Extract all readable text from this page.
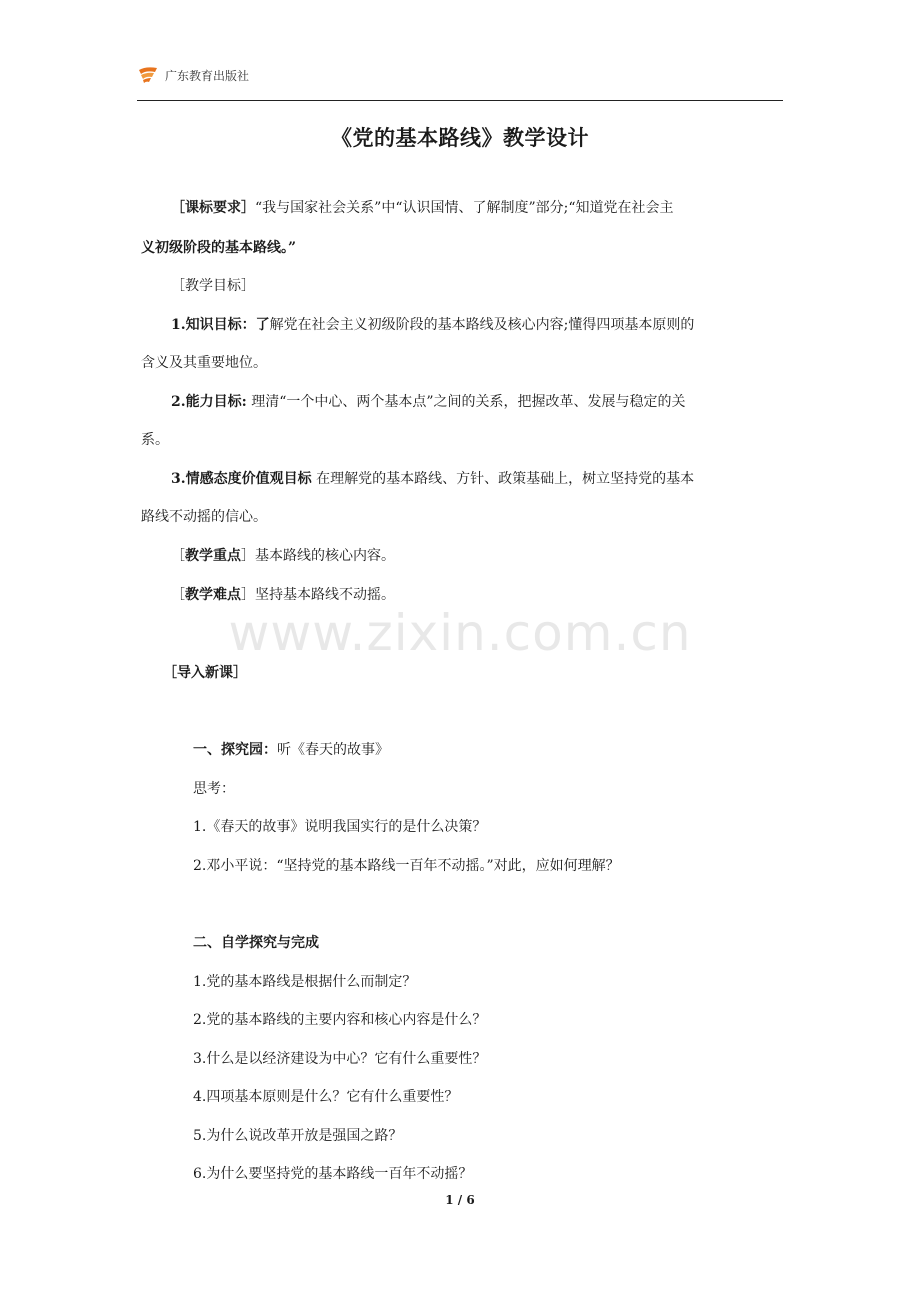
广东教育出版社
《党的基本路线》教学设计
［课标要求］“我与国家社会关系”中“认识国情、了解制度”部分;“知道党在社会主
义初级阶段的基本路线。”
［教学目标］
1.知识目标：了解党在社会主义初级阶段的基本路线及核心内容;懂得四项基本原则的
含义及其重要地位。
2.能力目标: 理清“一个中心、两个基本点”之间的关系，把握改革、发展与稳定的关
系。
3.情感态度价值观目标 在理解党的基本路线、方针、政策基础上，树立坚持党的基本
路线不动摇的信心。
［教学重点］基本路线的核心内容。
［教学难点］坚持基本路线不动摇。
www.zixin.com.cn
［导入新课］
一、探究园：听《春天的故事》
思考：
1.《春天的故事》说明我国实行的是什么决策？
2.邓小平说：“坚持党的基本路线一百年不动摇。”对此，应如何理解？
二、自学探究与完成
1.党的基本路线是根据什么而制定？
2.党的基本路线的主要内容和核心内容是什么？
3.什么是以经济建设为中心？它有什么重要性？
4.四项基本原则是什么？它有什么重要性？
5.为什么说改革开放是强国之路？
6.为什么要坚持党的基本路线一百年不动摇？
1 / 6
